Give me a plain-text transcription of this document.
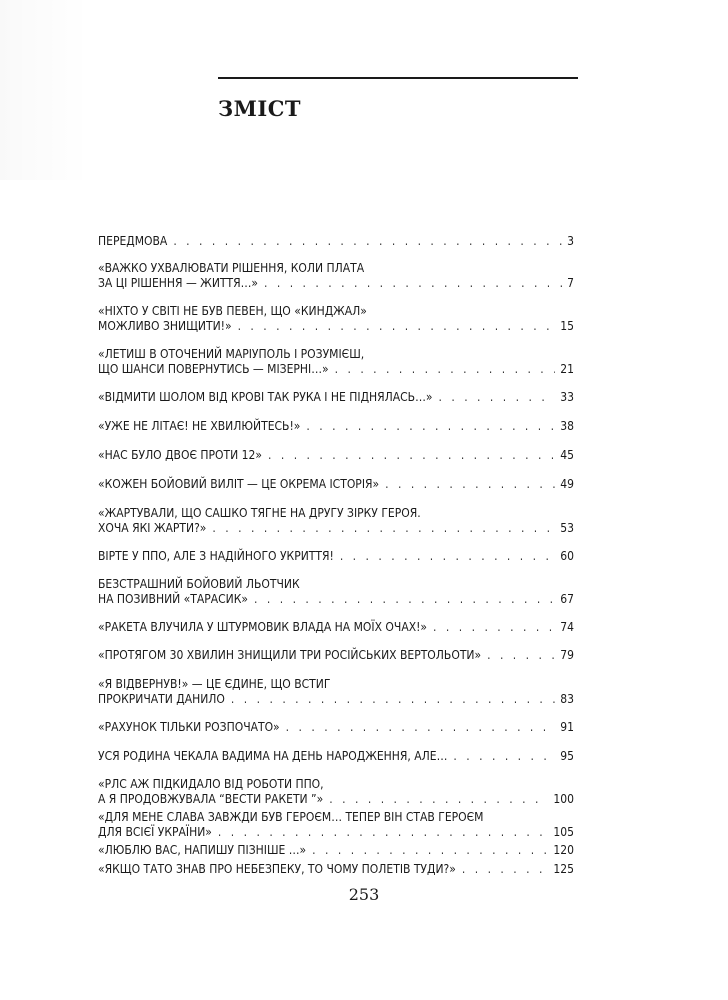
ЗМІСТ
ПЕРЕДМОВА . . .	3
«ВАЖКО УХВАЛЮВАТИ РІШЕННЯ, КОЛИ ПЛАТА
ЗА ЦІ РІШЕННЯ — ЖИТТЯ…» . . .	7
«НІХТО У СВІТІ НЕ БУВ ПЕВЕН, ЩО «КИНДЖАЛ»
МОЖЛИВО ЗНИЩИТИ!» . . .	15
«ЛЕТИШ В ОТОЧЕНИЙ МАРІУПОЛЬ І РОЗУМІЄШ,
ЩО ШАНСИ ПОВЕРНУТИСЬ — МІЗЕРНІ…» . . .	21
«ВІДМИТИ ШОЛОМ ВІД КРОВІ ТАК РУКА І НЕ ПІДНЯЛАСЬ…» . . .	33
«УЖЕ НЕ ЛІТАЄ! НЕ ХВИЛЮЙТЕСЬ!» . . .	38
«НАС БУЛО ДВОЄ ПРОТИ 12» . . .	45
«КОЖЕН БОЙОВИЙ ВИЛІТ — ЦЕ ОКРЕМА ІСТОРІЯ» . . .	49
«ЖАРТУВАЛИ, ЩО САШКО ТЯГНЕ НА ДРУГУ ЗІРКУ ГЕРОЯ.
ХОЧА ЯКІ ЖАРТИ?» . . .	53
ВІРТЕ У ППО, АЛЕ З НАДІЙНОГО УКРИТТЯ! . . .	60
БЕЗСТРАШНИЙ БОЙОВИЙ ЛЬОТЧИК
НА ПОЗИВНИЙ «ТАРАСИК» . . .	67
«РАКЕТА ВЛУЧИЛА У ШТУРМОВИК ВЛАДА НА МОЇХ ОЧАХ!» . . .	74
«ПРОТЯГОМ 30 ХВИЛИН ЗНИЩИЛИ ТРИ РОСІЙСЬКИХ ВЕРТОЛЬОТИ» . . .	79
«Я ВІДВЕРНУВ!» — ЦЕ ЄДИНЕ, ЩО ВСТИГ
ПРОКРИЧАТИ ДАНИЛО . . .	83
«РАХУНОК ТІЛЬКИ РОЗПОЧАТО» . . .	91
УСЯ РОДИНА ЧЕКАЛА ВАДИМА НА ДЕНЬ НАРОДЖЕННЯ, АЛЕ… . . .	95
«РЛС АЖ ПІДКИДАЛО ВІД РОБОТИ ППО,
А Я ПРОДОВЖУВАЛА “ВЕСТИ РАКЕТИ ”» . . .	100
«ДЛЯ МЕНЕ СЛАВА ЗАВЖДИ БУВ ГЕРОЄМ… ТЕПЕР ВІН СТАВ ГЕРОЄМ
ДЛЯ ВСІЄЇ УКРАЇНИ» . . .	105
«ЛЮБЛЮ ВАС, НАПИШУ ПІЗНІШЕ …» . . .	120
«ЯКЩО ТАТО ЗНАВ ПРО НЕБЕЗПЕКУ, ТО ЧОМУ ПОЛЕТІВ ТУДИ?» . . .	125

253
